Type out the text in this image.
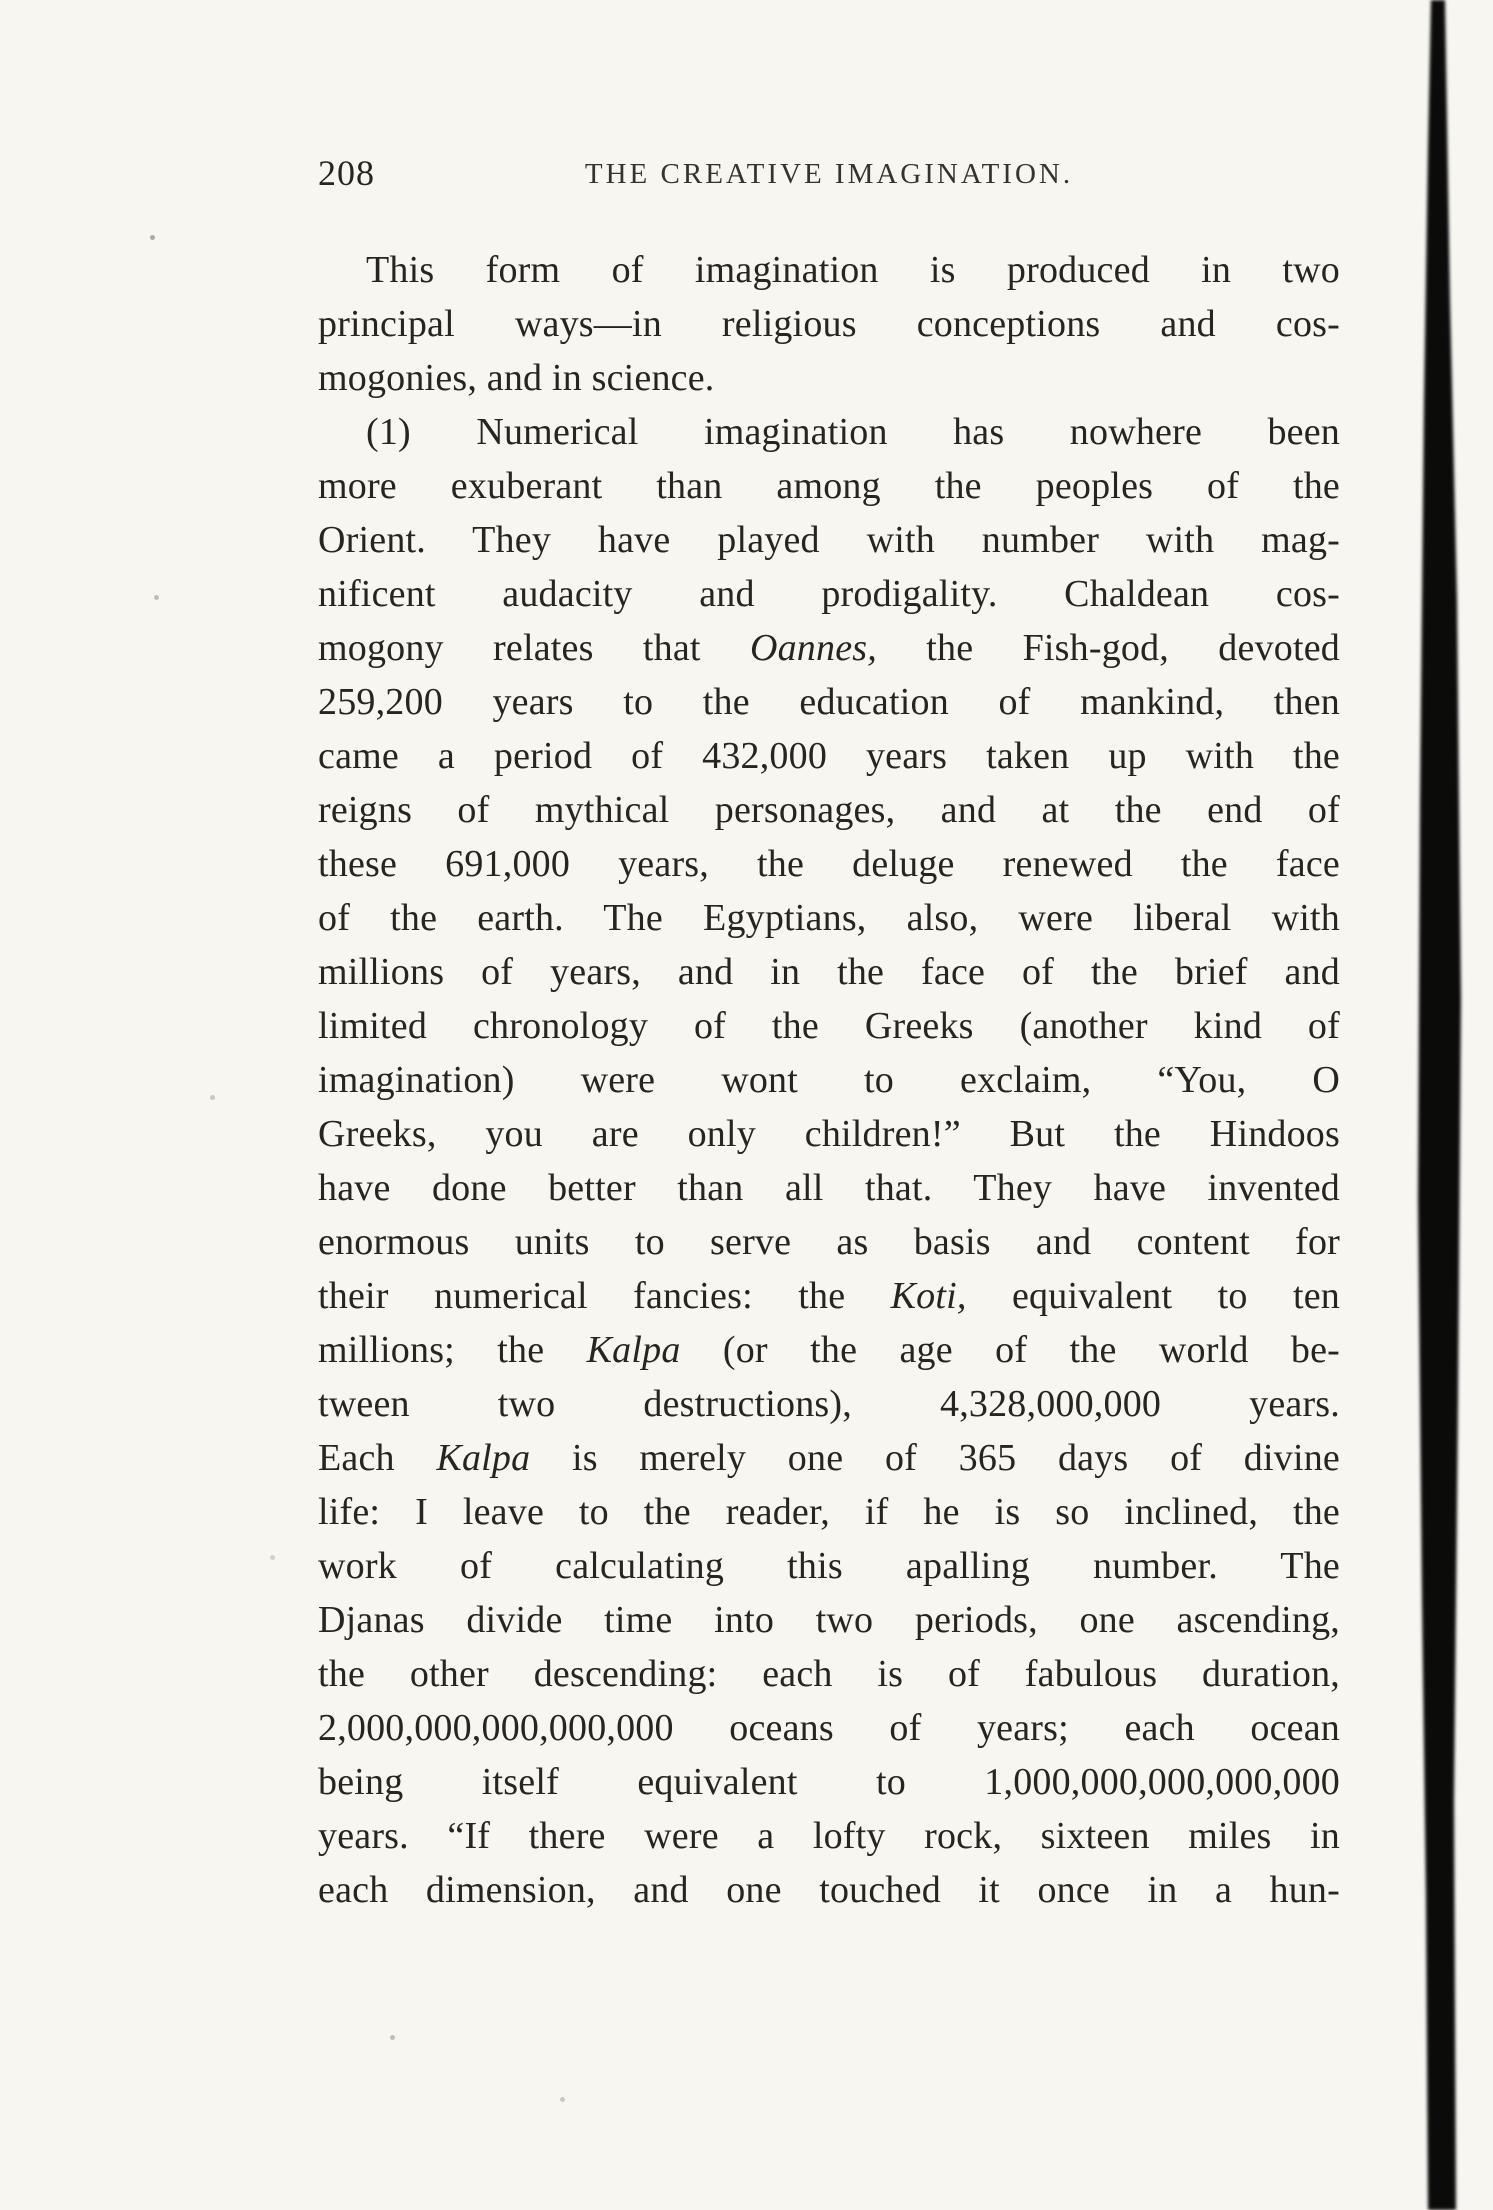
208	THE CREATIVE IMAGINATION.
This form of imagination is produced in two
principal ways—in religious conceptions and cos-
mogonies, and in science.
(1) Numerical imagination has nowhere been
more exuberant than among the peoples of the
Orient. They have played with number with mag-
nificent audacity and prodigality. Chaldean cos-
mogony relates that Oannes, the Fish-god, devoted
259,200 years to the education of mankind, then
came a period of 432,000 years taken up with the
reigns of mythical personages, and at the end of
these 691,000 years, the deluge renewed the face
of the earth. The Egyptians, also, were liberal with
millions of years, and in the face of the brief and
limited chronology of the Greeks (another kind of
imagination) were wont to exclaim, “You, O
Greeks, you are only children!” But the Hindoos
have done better than all that. They have invented
enormous units to serve as basis and content for
their numerical fancies: the Koti, equivalent to ten
millions; the Kalpa (or the age of the world be-
tween two destructions), 4,328,000,000 years.
Each Kalpa is merely one of 365 days of divine
life: I leave to the reader, if he is so inclined, the
work of calculating this apalling number. The
Djanas divide time into two periods, one ascending,
the other descending: each is of fabulous duration,
2,000,000,000,000,000 oceans of years; each ocean
being itself equivalent to 1,000,000,000,000,000
years. “If there were a lofty rock, sixteen miles in
each dimension, and one touched it once in a hun-
